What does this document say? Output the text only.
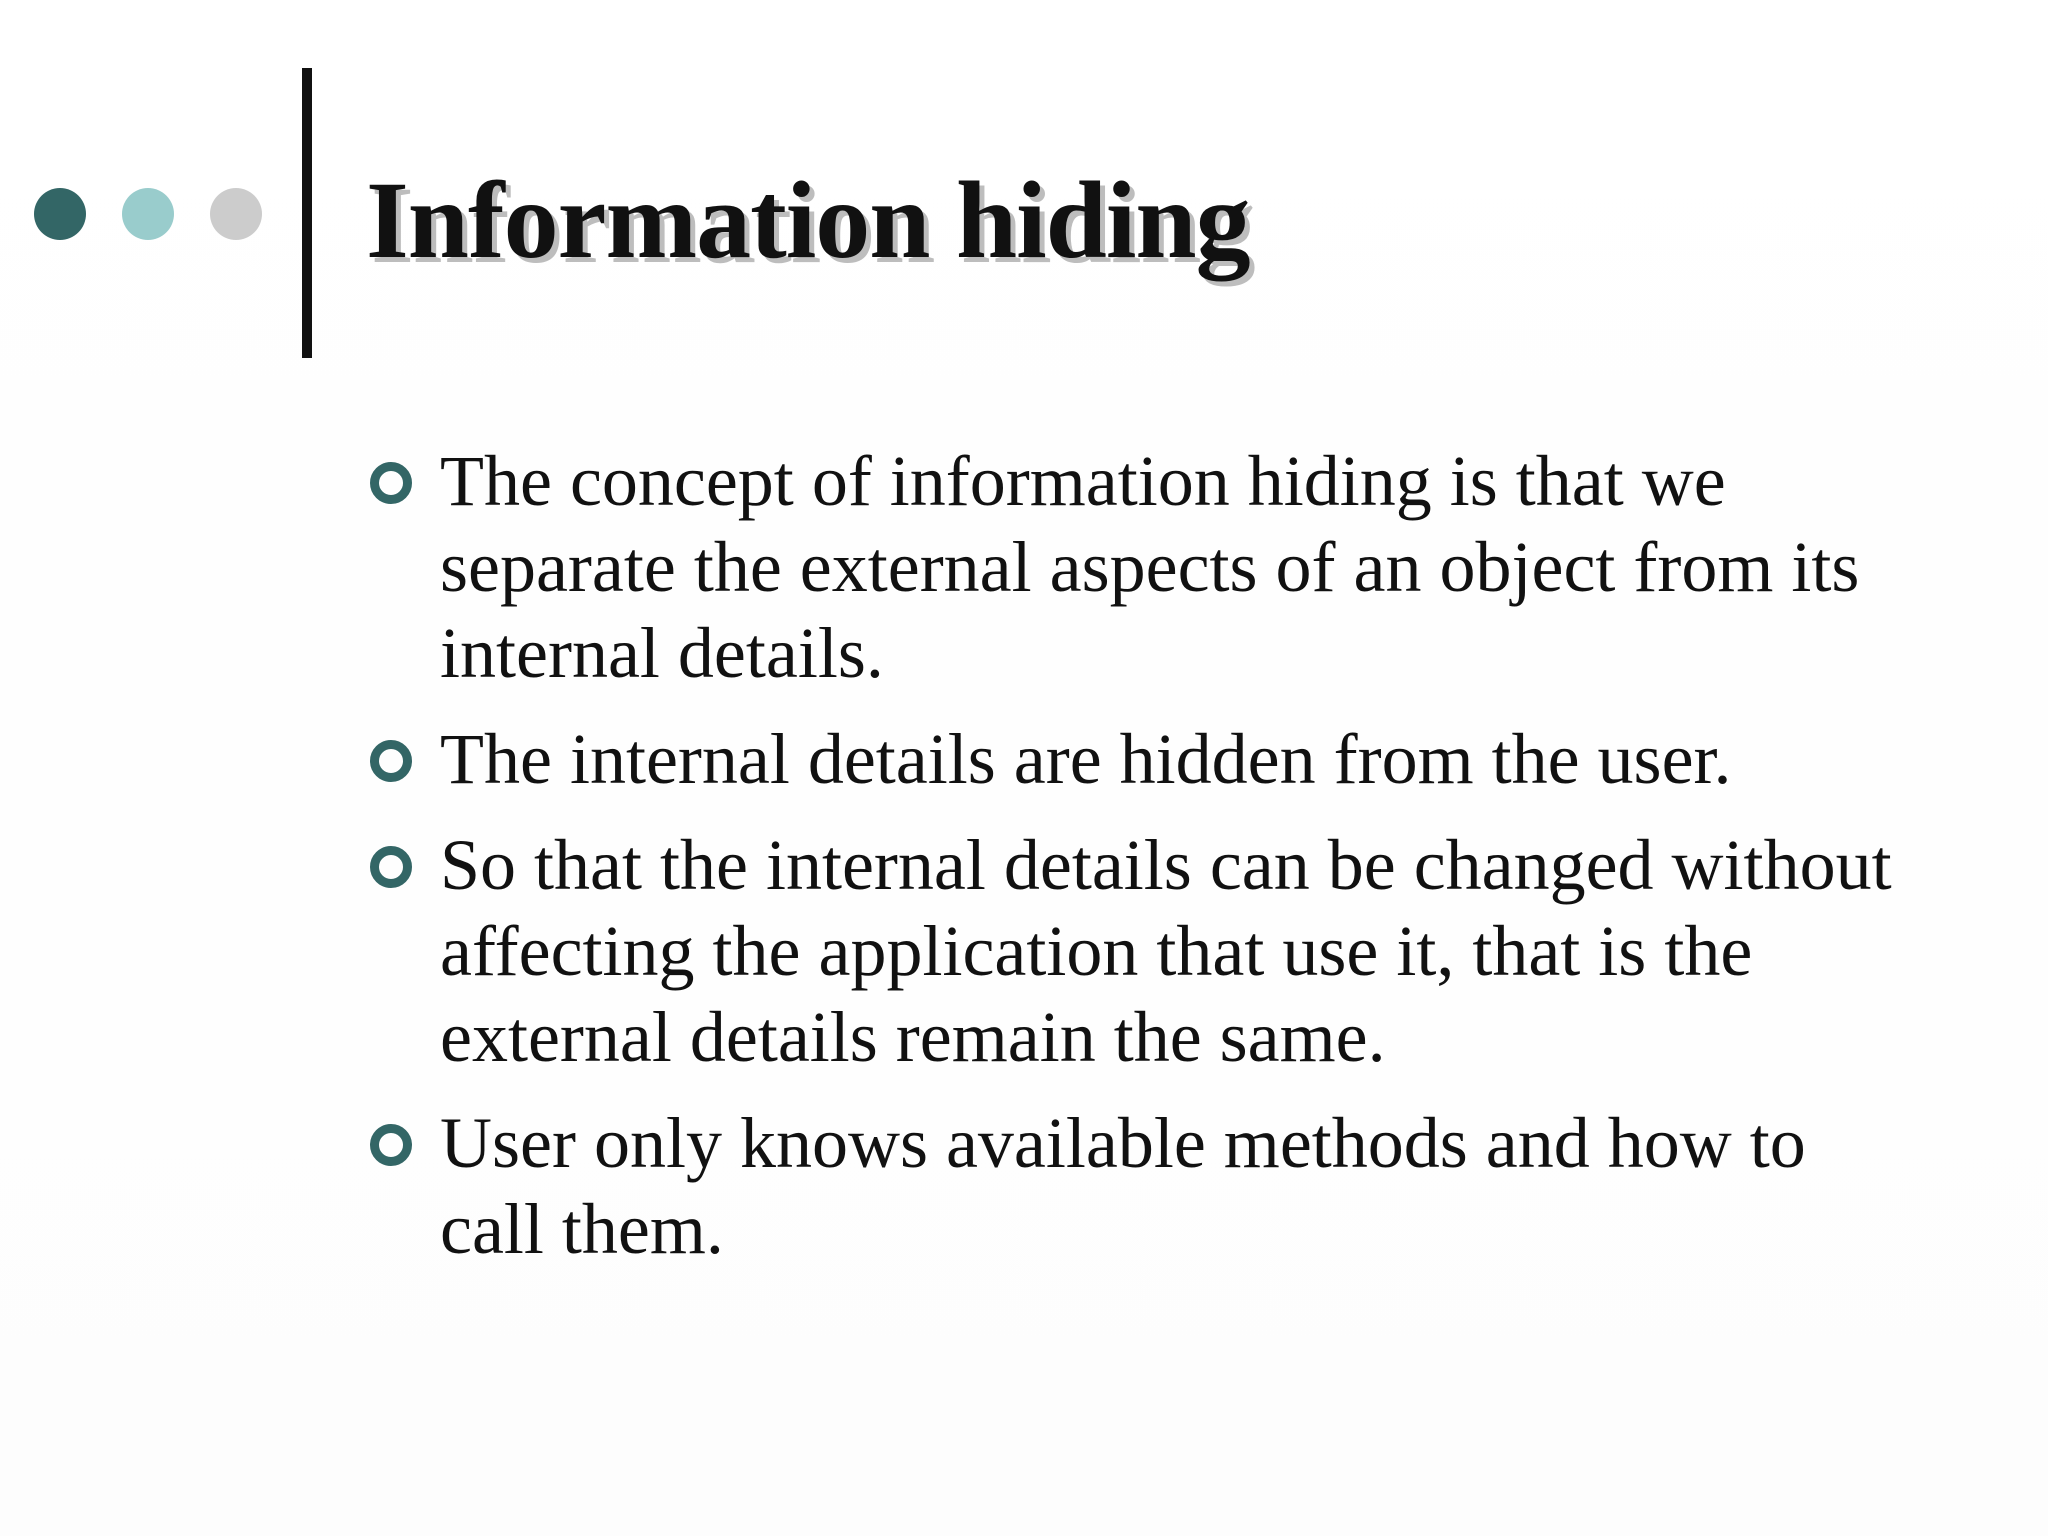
Information hiding
The concept of information hiding is that we separate the external aspects of an object from its internal details.
The internal details are hidden from the user.
So that the internal details can be changed without affecting the application that use it, that is the external details remain the same.
User only knows available methods and how to call them.
